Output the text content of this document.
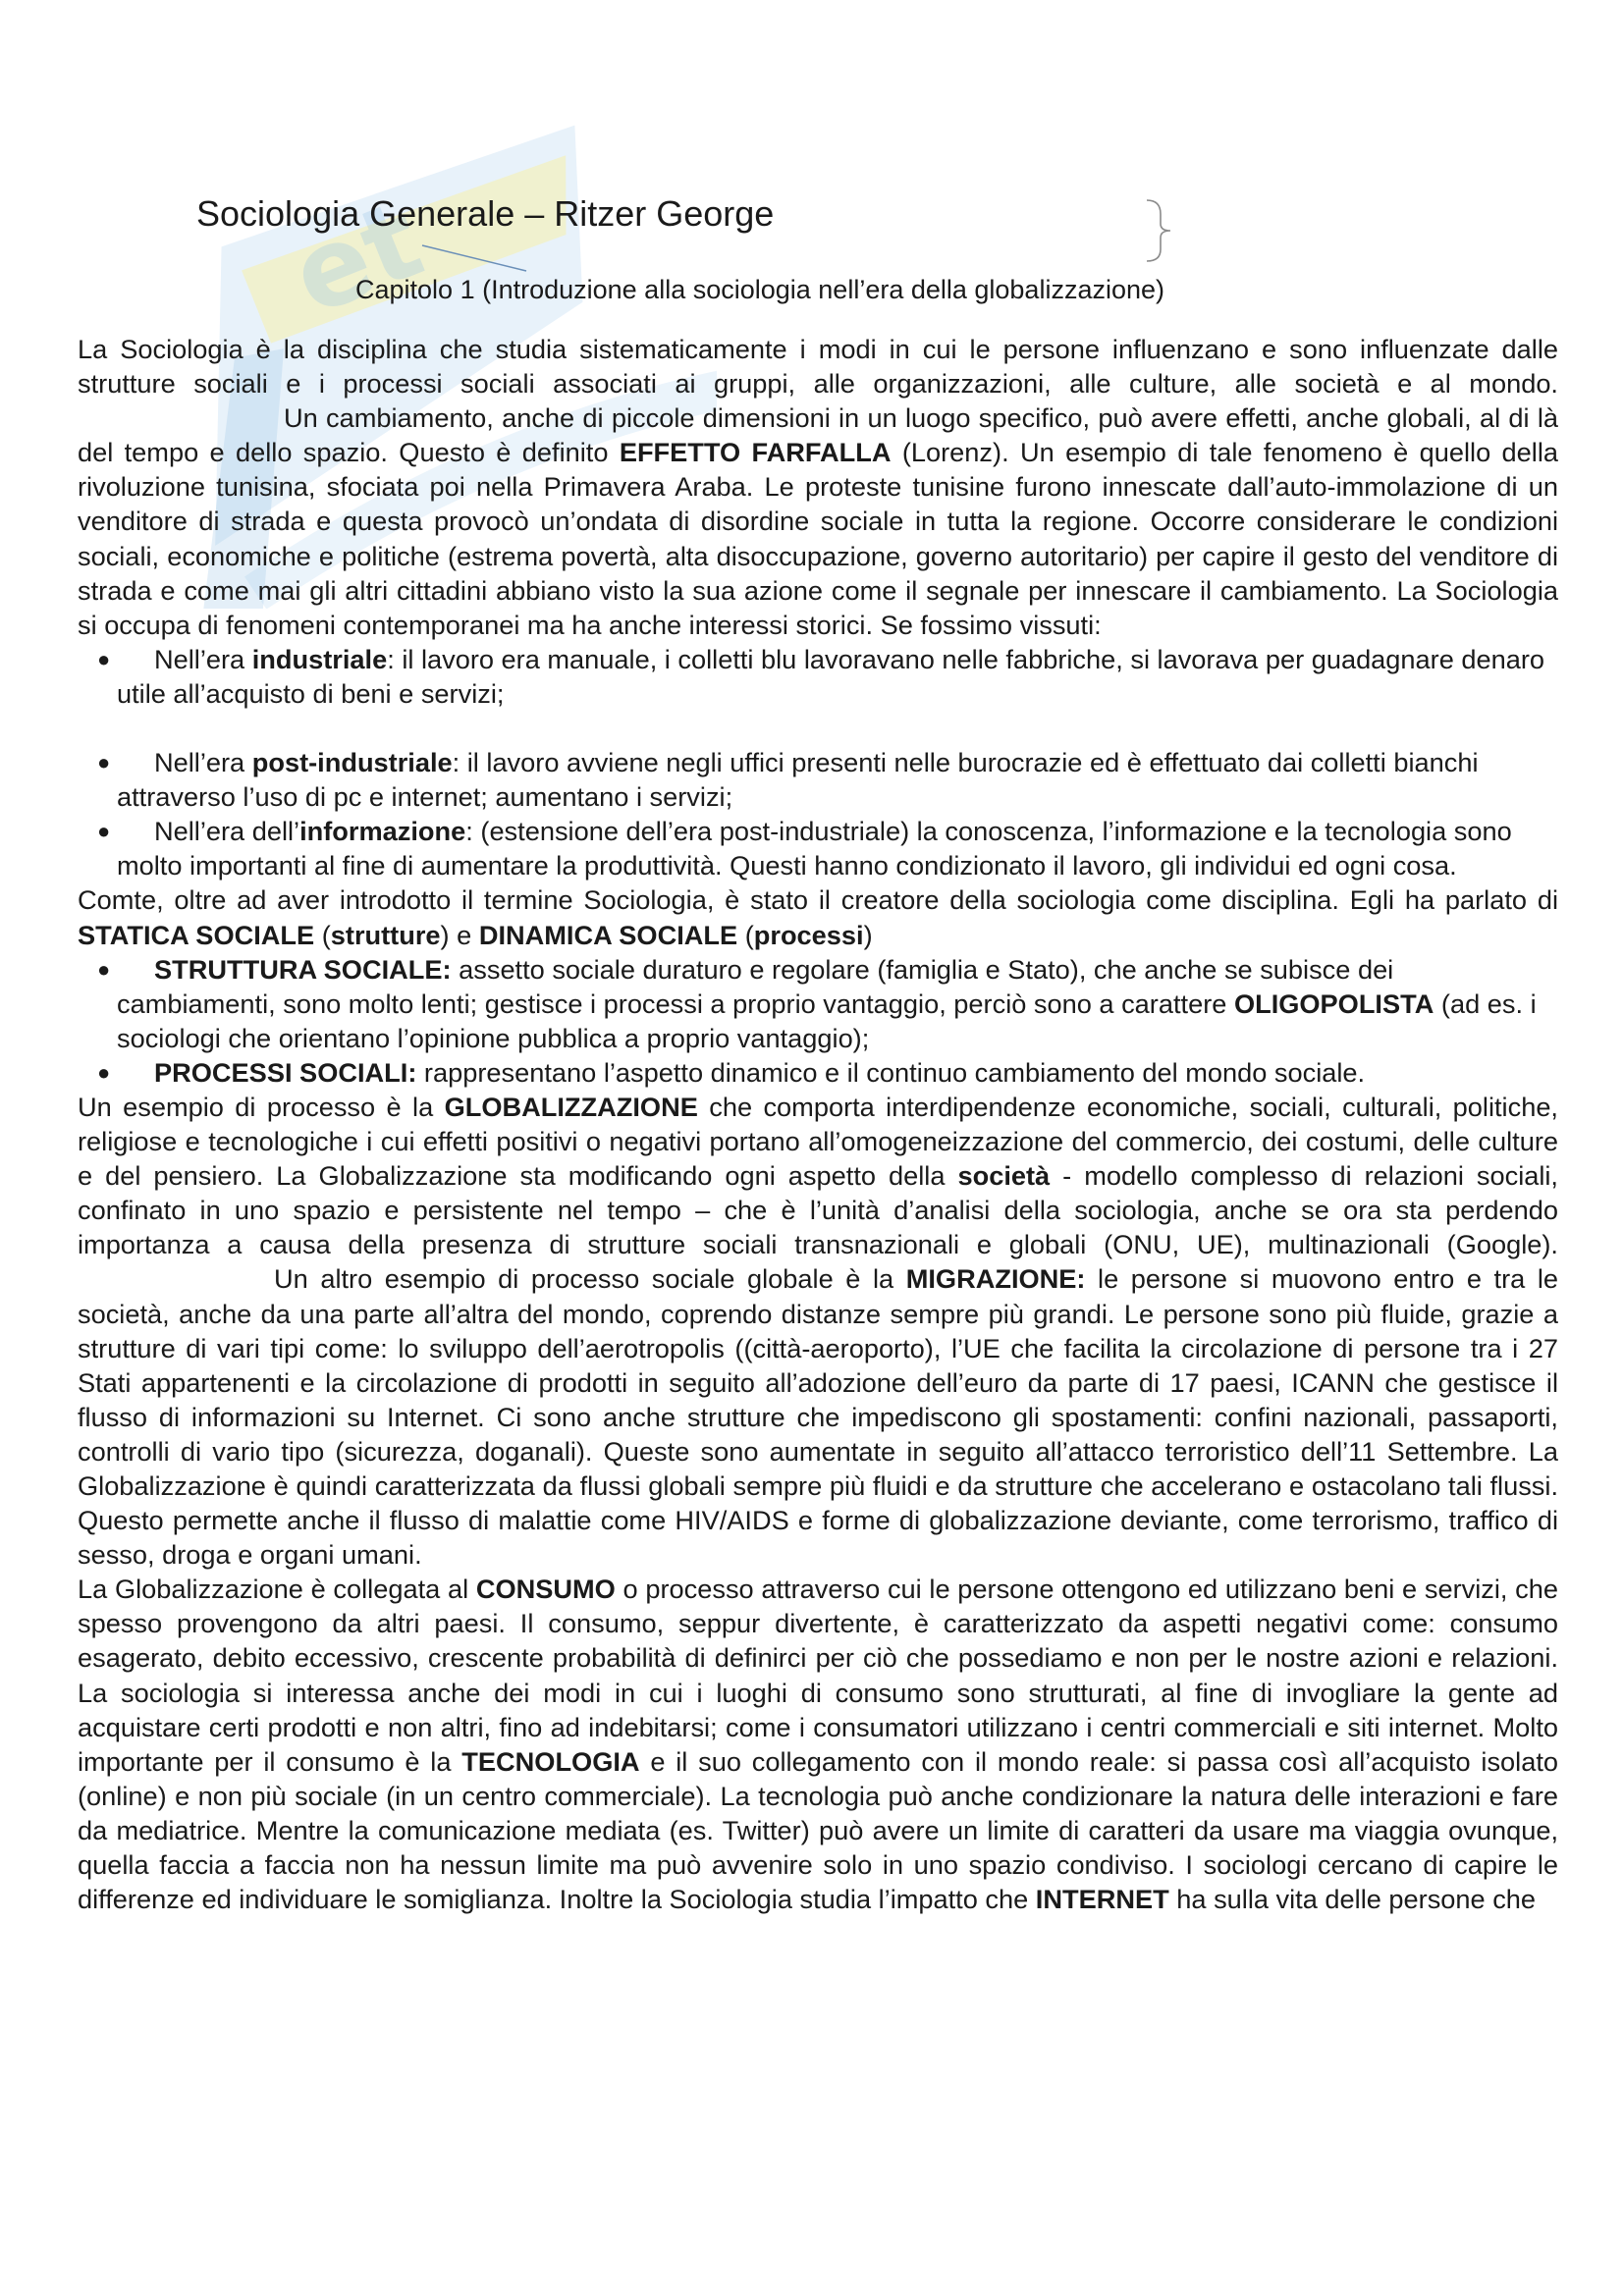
et
Sociologia Generale – Ritzer George
Capitolo 1 (Introduzione alla sociologia nell’era della globalizzazione)

La Sociologia è la disciplina che studia sistematicamente i modi in cui le persone influenzano e sono influenzate dalle strutture sociali e i processi sociali associati ai gruppi, alle organizzazioni, alle culture, alle società e al mondo.Un cambiamento, anche di piccole dimensioni in un luogo specifico, può avere effetti, anche globali, al di là del tempo e dello spazio. Questo è definito EFFETTO FARFALLA (Lorenz). Un esempio di tale fenomeno è quello della rivoluzione tunisina, sfociata poi nella Primavera Araba. Le proteste tunisine furono innescate dall’auto-immolazione di un venditore di strada e questa provocò un’ondata di disordine sociale in tutta la regione. Occorre considerare le condizioni sociali, economiche e politiche (estrema povertà, alta disoccupazione, governo autoritario) per capire il gesto del venditore di strada e come mai gli altri cittadini abbiano visto la sua azione come il segnale per innescare il cambiamento. La Sociologia si occupa di fenomeni contemporanei ma ha anche interessi storici. Se fossimo vissuti:

● Nell’era industriale: il lavoro era manuale, i colletti blu lavoravano nelle fabbriche, si lavorava per guadagnare denaro utile all’acquisto di beni e servizi;
● Nell’era post-industriale: il lavoro avviene negli uffici presenti nelle burocrazie ed è effettuato dai colletti bianchi attraverso l’uso di pc e internet; aumentano i servizi;
● Nell’era dell’informazione: (estensione dell’era post-industriale) la conoscenza, l’informazione e la tecnologia sono molto importanti al fine di aumentare la produttività. Questi hanno condizionato il lavoro, gli individui ed ogni cosa.

Comte, oltre ad aver introdotto il termine Sociologia, è stato il creatore della sociologia come disciplina. Egli ha parlato di STATICA SOCIALE (strutture) e DINAMICA SOCIALE (processi)

● STRUTTURA SOCIALE: assetto sociale duraturo e regolare (famiglia e Stato), che anche se subisce dei cambiamenti, sono molto lenti; gestisce i processi a proprio vantaggio, perciò sono a carattere OLIGOPOLISTA (ad es. i sociologi che orientano l’opinione pubblica a proprio vantaggio);
● PROCESSI SOCIALI: rappresentano l’aspetto dinamico e il continuo cambiamento del mondo sociale.

Un esempio di processo è la GLOBALIZZAZIONE che comporta interdipendenze economiche, sociali, culturali, politiche, religiose e tecnologiche i cui effetti positivi o negativi portano all’omogeneizzazione del commercio, dei costumi, delle culture e del pensiero. La Globalizzazione sta modificando ogni aspetto della società - modello complesso di relazioni sociali, confinato in uno spazio e persistente nel tempo – che è l’unità d’analisi della sociologia, anche se ora sta perdendo importanza a causa della presenza di strutture sociali transnazionali e globali (ONU, UE), multinazionali (Google).Un altro esempio di processo sociale globale è la MIGRAZIONE: le persone si muovono entro e tra le società, anche da una parte all’altra del mondo, coprendo distanze sempre più grandi. Le persone sono più fluide, grazie a strutture di vari tipi come: lo sviluppo dell’aerotropolis ((città-aeroporto), l’UE che facilita la circolazione di persone tra i 27 Stati appartenenti e la circolazione di prodotti in seguito all’adozione dell’euro da parte di 17 paesi, ICANN che gestisce il flusso di informazioni su Internet. Ci sono anche strutture che impediscono gli spostamenti: confini nazionali, passaporti, controlli di vario tipo (sicurezza, doganali). Queste sono aumentate in seguito all’attacco terroristico dell’11 Settembre. La Globalizzazione è quindi caratterizzata da flussi globali sempre più fluidi e da strutture che accelerano e ostacolano tali flussi. Questo permette anche il flusso di malattie come HIV/AIDS e forme di globalizzazione deviante, come terrorismo, traffico di sesso, droga e organi umani.

La Globalizzazione è collegata al CONSUMO o processo attraverso cui le persone ottengono ed utilizzano beni e servizi, che spesso provengono da altri paesi. Il consumo, seppur divertente, è caratterizzato da aspetti negativi come: consumo esagerato, debito eccessivo, crescente probabilità di definirci per ciò che possediamo e non per le nostre azioni e relazioni. La sociologia si interessa anche dei modi in cui i luoghi di consumo sono strutturati, al fine di invogliare la gente ad acquistare certi prodotti e non altri, fino ad indebitarsi; come i consumatori utilizzano i centri commerciali e siti internet. Molto importante per il consumo è la TECNOLOGIA e il suo collegamento con il mondo reale: si passa così all’acquisto isolato (online) e non più sociale (in un centro commerciale). La tecnologia può anche condizionare la natura delle interazioni e fare da mediatrice. Mentre la comunicazione mediata (es. Twitter) può avere un limite di caratteri da usare ma viaggia ovunque, quella faccia a faccia non ha nessun limite ma può avvenire solo in uno spazio condiviso. I sociologi cercano di capire le differenze ed individuare le somiglianza. Inoltre la Sociologia studia l’impatto che INTERNET ha sulla vita delle persone che
